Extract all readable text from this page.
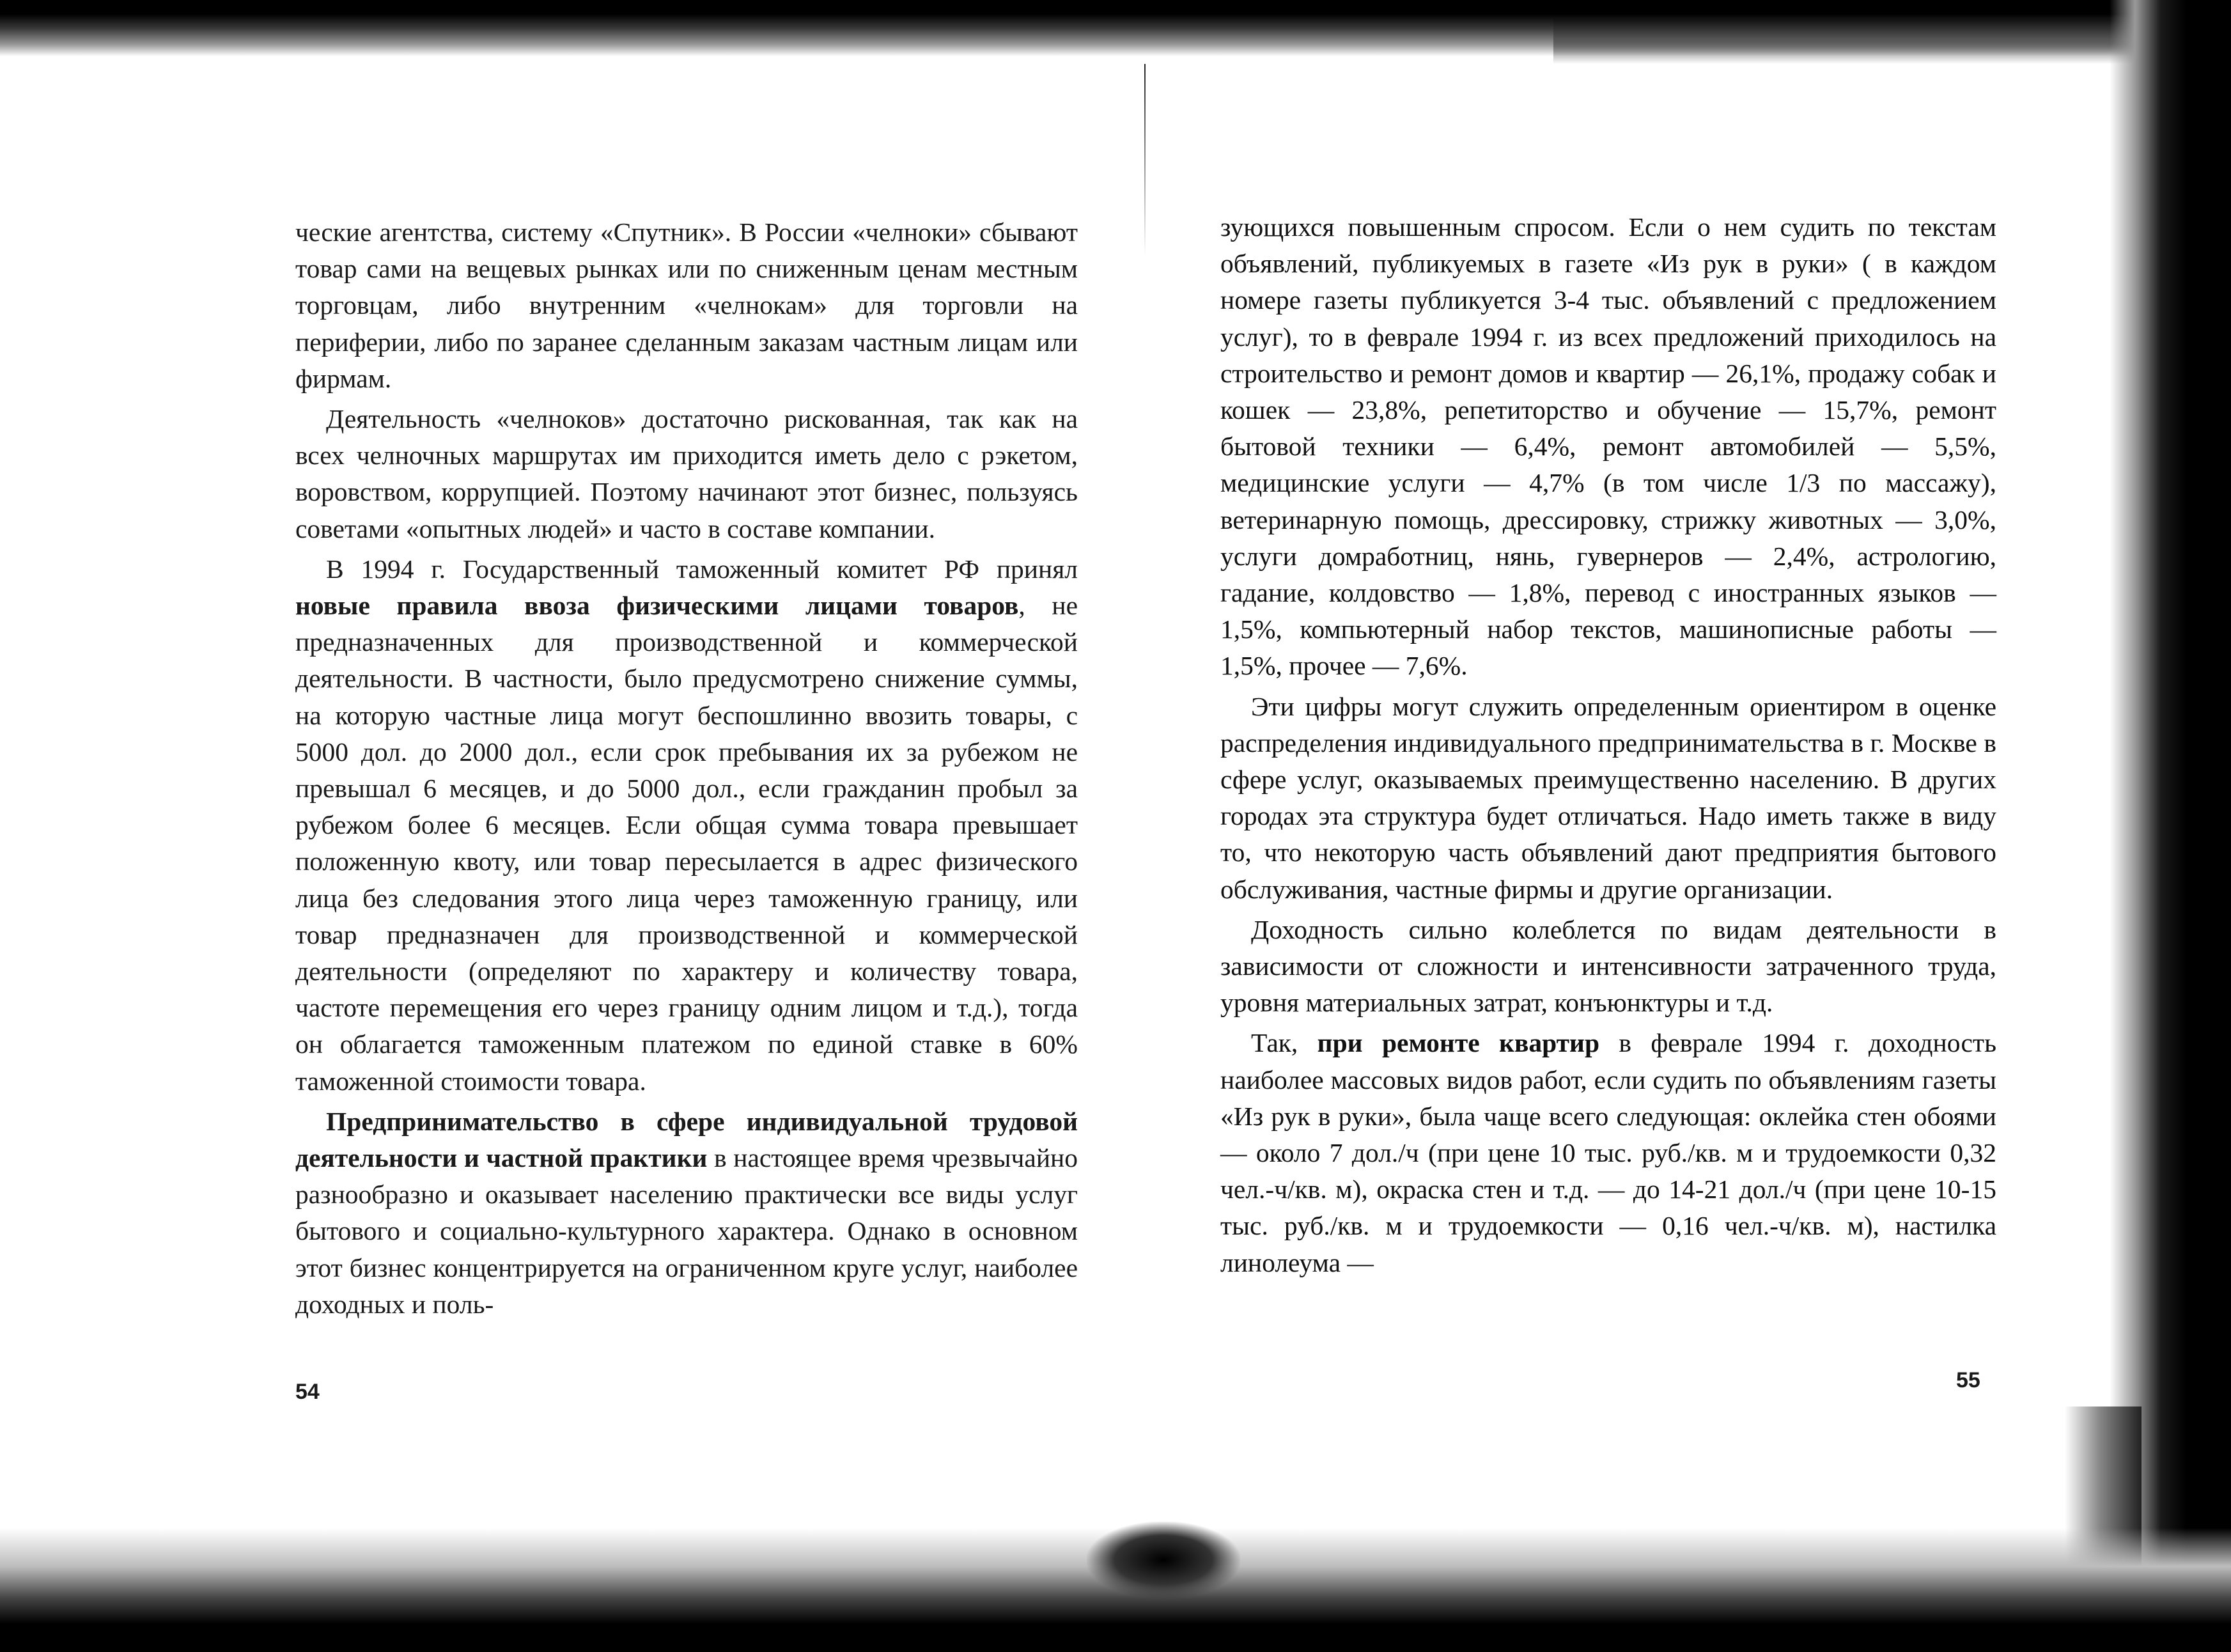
ческие агентства, систему «Спутник». В России «челноки» сбывают товар сами на вещевых рынках или по сниженным ценам местным торговцам, либо внутренним «челнокам» для торговли на периферии, либо по заранее сделанным заказам частным лицам или фирмам.

Деятельность «челноков» достаточно рискованная, так как на всех челночных маршрутах им приходится иметь дело с рэкетом, воровством, коррупцией. Поэтому начинают этот бизнес, пользуясь советами «опытных людей» и часто в составе компании.

В 1994 г. Государственный таможенный комитет РФ принял новые правила ввоза физическими лицами товаров, не предназначенных для производственной и коммерческой деятельности. В частности, было предусмотрено снижение суммы, на которую частные лица могут беспошлинно ввозить товары, с 5000 дол. до 2000 дол., если срок пребывания их за рубежом не превышал 6 месяцев, и до 5000 дол., если гражданин пробыл за рубежом более 6 месяцев. Если общая сумма товара превышает положенную квоту, или товар пересылается в адрес физического лица без следования этого лица через таможенную границу, или товар предназначен для производственной и коммерческой деятельности (определяют по характеру и количеству товара, частоте перемещения его через границу одним лицом и т.д.), тогда он облагается таможенным платежом по единой ставке в 60% таможенной стоимости товара.

Предпринимательство в сфере индивидуальной трудовой деятельности и частной практики в настоящее время чрезвычайно разнообразно и оказывает населению практически все виды услуг бытового и социально-культурного характера. Однако в основном этот бизнес концентрируется на ограниченном круге услуг, наиболее доходных и поль-

54

зующихся повышенным спросом. Если о нем судить по текстам объявлений, публикуемых в газете «Из рук в руки» ( в каждом номере газеты публикуется 3-4 тыс. объявлений с предложением услуг), то в феврале 1994 г. из всех предложений приходилось на строительство и ремонт домов и квартир — 26,1%, продажу собак и кошек — 23,8%, репетиторство и обучение — 15,7%, ремонт бытовой техники — 6,4%, ремонт автомобилей — 5,5%, медицинские услуги — 4,7% (в том числе 1/3 по массажу), ветеринарную помощь, дрессировку, стрижку животных — 3,0%, услуги домработниц, нянь, гувернеров — 2,4%, астрологию, гадание, колдовство — 1,8%, перевод с иностранных языков — 1,5%, компьютерный набор текстов, машинописные работы — 1,5%, прочее — 7,6%.

Эти цифры могут служить определенным ориентиром в оценке распределения индивидуального предпринимательства в г. Москве в сфере услуг, оказываемых преимущественно населению. В других городах эта структура будет отличаться. Надо иметь также в виду то, что некоторую часть объявлений дают предприятия бытового обслуживания, частные фирмы и другие организации.

Доходность сильно колеблется по видам деятельности в зависимости от сложности и интенсивности затраченного труда, уровня материальных затрат, конъюнктуры и т.д.

Так, при ремонте квартир в феврале 1994 г. доходность наиболее массовых видов работ, если судить по объявлениям газеты «Из рук в руки», была чаще всего следующая: оклейка стен обоями — около 7 дол./ч (при цене 10 тыс. руб./кв. м и трудоемкости 0,32 чел.-ч/кв. м), окраска стен и т.д. — до 14-21 дол./ч (при цене 10-15 тыс. руб./кв. м и трудоемкости — 0,16 чел.-ч/кв. м), настилка линолеума —

55
